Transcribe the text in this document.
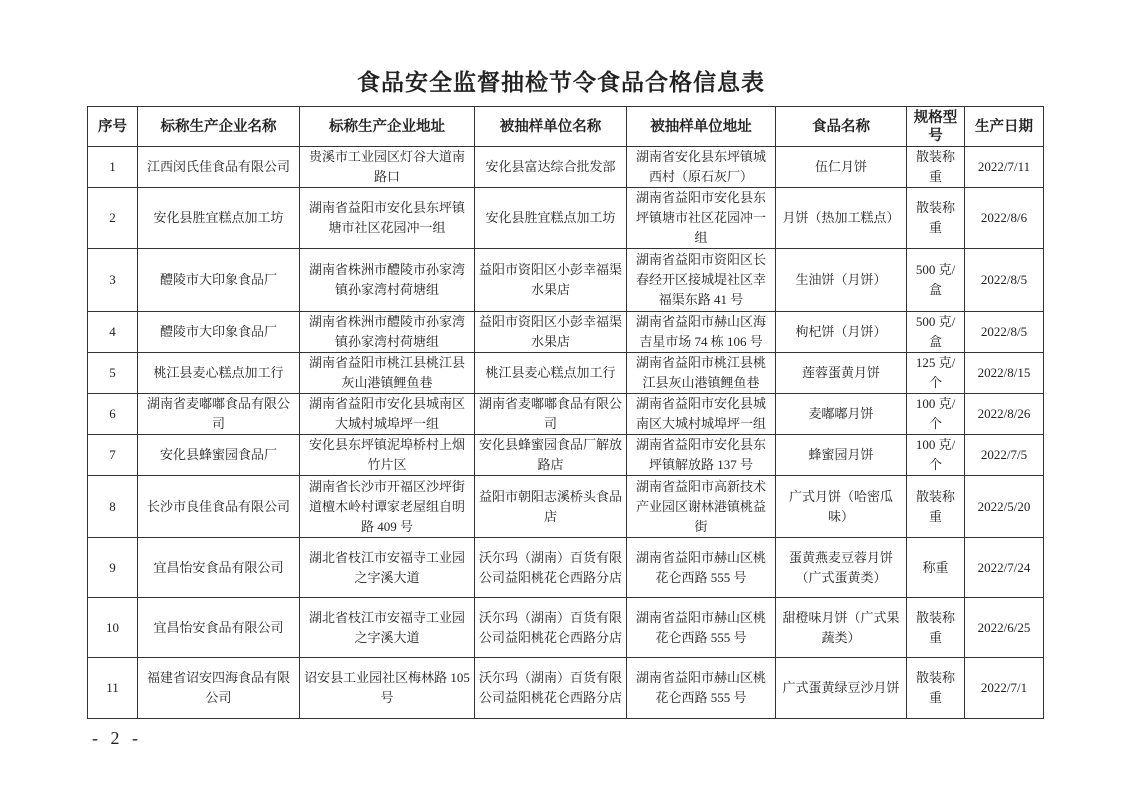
食品安全监督抽检节令食品合格信息表
序号	标称生产企业名称	标称生产企业地址	被抽样单位名称	被抽样单位地址	食品名称	规格型号	生产日期
1	江西闵氏佳食品有限公司	贵溪市工业园区灯谷大道南路口	安化县富达综合批发部	湖南省安化县东坪镇城西村（原石灰厂）	伍仁月饼	散装称重	2022/7/11
2	安化县胜宜糕点加工坊	湖南省益阳市安化县东坪镇塘市社区花园冲一组	安化县胜宜糕点加工坊	湖南省益阳市安化县东坪镇塘市社区花园冲一组	月饼（热加工糕点）	散装称重	2022/8/6
3	醴陵市大印象食品厂	湖南省株洲市醴陵市孙家湾镇孙家湾村荷塘组	益阳市资阳区小彭幸福渠水果店	湖南省益阳市资阳区长春经开区接城堤社区幸福渠东路 41 号	生油饼（月饼）	500 克/盒	2022/8/5
4	醴陵市大印象食品厂	湖南省株洲市醴陵市孙家湾镇孙家湾村荷塘组	益阳市资阳区小彭幸福渠水果店	湖南省益阳市赫山区海吉星市场 74 栋 106 号	枸杞饼（月饼）	500 克/盒	2022/8/5
5	桃江县麦心糕点加工行	湖南省益阳市桃江县桃江县灰山港镇鲤鱼巷	桃江县麦心糕点加工行	湖南省益阳市桃江县桃江县灰山港镇鲤鱼巷	莲蓉蛋黄月饼	125 克/个	2022/8/15
6	湖南省麦嘟嘟食品有限公司	湖南省益阳市安化县城南区大城村城埠坪一组	湖南省麦嘟嘟食品有限公司	湖南省益阳市安化县城南区大城村城埠坪一组	麦嘟嘟月饼	100 克/个	2022/8/26
7	安化县蜂蜜园食品厂	安化县东坪镇泥埠桥村上烟竹片区	安化县蜂蜜园食品厂解放路店	湖南省益阳市安化县东坪镇解放路 137 号	蜂蜜园月饼	100 克/个	2022/7/5
8	长沙市良佳食品有限公司	湖南省长沙市开福区沙坪街道檀木岭村谭家老屋组自明路 409 号	益阳市朝阳志溪桥头食品店	湖南省益阳市高新技术产业园区谢林港镇桃益街	广式月饼（哈密瓜味）	散装称重	2022/5/20
9	宜昌怡安食品有限公司	湖北省枝江市安福寺工业园之字溪大道	沃尔玛（湖南）百货有限公司益阳桃花仑西路分店	湖南省益阳市赫山区桃花仑西路 555 号	蛋黄燕麦豆蓉月饼（广式蛋黄类）	称重	2022/7/24
10	宜昌怡安食品有限公司	湖北省枝江市安福寺工业园之字溪大道	沃尔玛（湖南）百货有限公司益阳桃花仑西路分店	湖南省益阳市赫山区桃花仑西路 555 号	甜橙味月饼（广式果蔬类）	散装称重	2022/6/25
11	福建省诏安四海食品有限公司	诏安县工业园社区梅林路 105 号	沃尔玛（湖南）百货有限公司益阳桃花仑西路分店	湖南省益阳市赫山区桃花仑西路 555 号	广式蛋黄绿豆沙月饼	散装称重	2022/7/1
- 2 -
